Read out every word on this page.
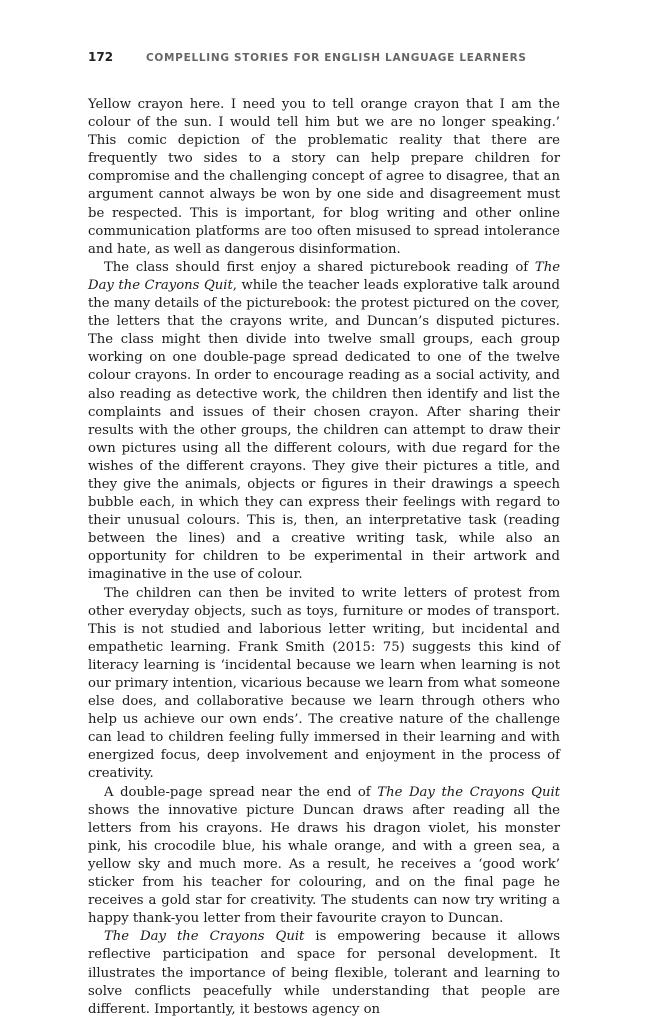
172	COMPELLING STORIES FOR ENGLISH LANGUAGE LEARNERS

Yellow crayon here. I need you to tell orange crayon that I am the colour of the sun. I would tell him but we are no longer speaking.’ This comic depiction of the problematic reality that there are frequently two sides to a story can help prepare children for compromise and the challenging concept of agree to disagree, that an argument cannot always be won by one side and disagreement must be respected. This is important, for blog writing and other online communication platforms are too often misused to spread intolerance and hate, as well as dangerous disinformation.

The class should first enjoy a shared picturebook reading of The Day the Crayons Quit, while the teacher leads explorative talk around the many details of the picturebook: the protest pictured on the cover, the letters that the crayons write, and Duncan’s disputed pictures. The class might then divide into twelve small groups, each group working on one double-page spread dedicated to one of the twelve colour crayons. In order to encourage reading as a social activity, and also reading as detective work, the children then identify and list the complaints and issues of their chosen crayon. After sharing their results with the other groups, the children can attempt to draw their own pictures using all the different colours, with due regard for the wishes of the different crayons. They give their pictures a title, and they give the animals, objects or figures in their drawings a speech bubble each, in which they can express their feelings with regard to their unusual colours. This is, then, an interpretative task (reading between the lines) and a creative writing task, while also an opportunity for children to be experimental in their artwork and imaginative in the use of colour.

The children can then be invited to write letters of protest from other everyday objects, such as toys, furniture or modes of transport. This is not studied and laborious letter writing, but incidental and empathetic learning. Frank Smith (2015: 75) suggests this kind of literacy learning is ‘incidental because we learn when learning is not our primary intention, vicarious because we learn from what someone else does, and collaborative because we learn through others who help us achieve our own ends’. The creative nature of the challenge can lead to children feeling fully immersed in their learning and with energized focus, deep involvement and enjoyment in the process of creativity.

A double-page spread near the end of The Day the Crayons Quit shows the innovative picture Duncan draws after reading all the letters from his crayons. He draws his dragon violet, his monster pink, his crocodile blue, his whale orange, and with a green sea, a yellow sky and much more. As a result, he receives a ‘good work’ sticker from his teacher for colouring, and on the final page he receives a gold star for creativity. The students can now try writing a happy thank-you letter from their favourite crayon to Duncan.

The Day the Crayons Quit is empowering because it allows reflective participation and space for personal development. It illustrates the importance of being flexible, tolerant and learning to solve conflicts peacefully while understanding that people are different. Importantly, it bestows agency on
